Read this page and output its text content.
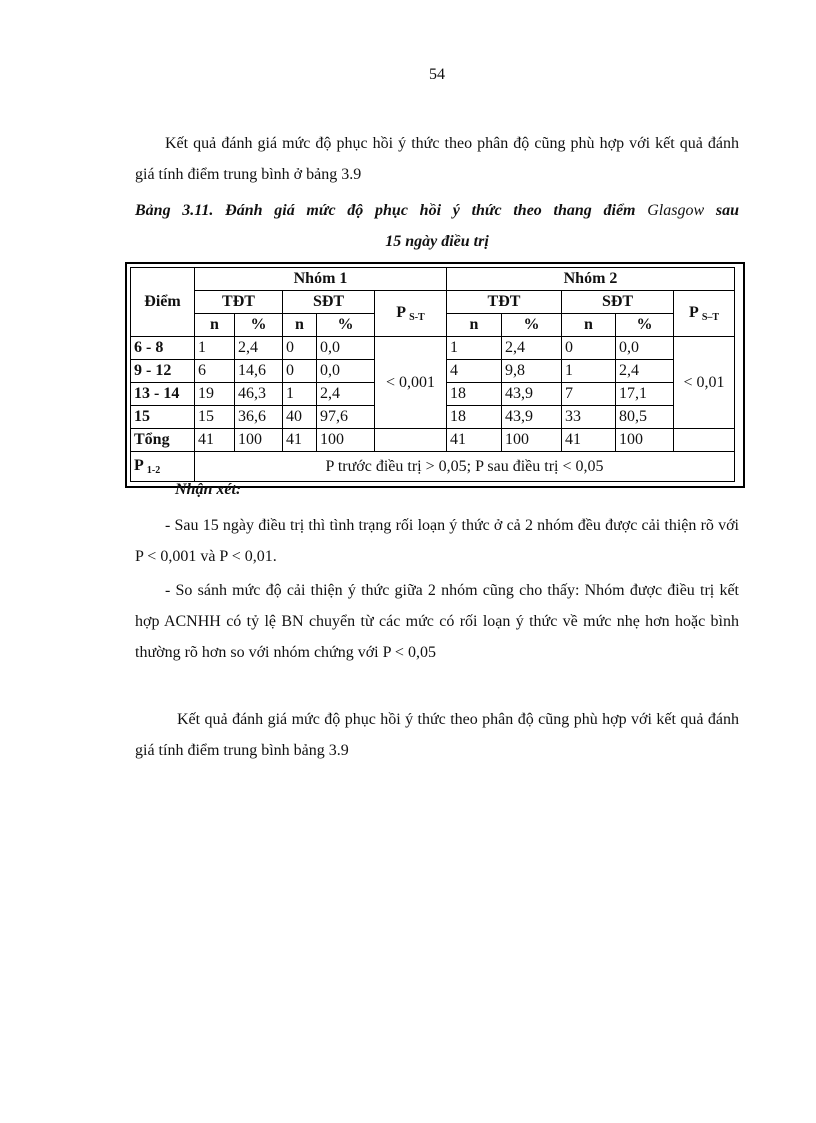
54

Kết quả đánh giá mức độ phục hồi ý thức theo phân độ cũng phù hợp với kết quả đánh giá tính điểm trung bình ở bảng 3.9

Bảng 3.11. Đánh giá mức độ phục hồi ý thức theo thang điểm Glasgow sau
15 ngày điều trị
Điểm	Nhóm 1					Nhóm 2				
	TĐT		SĐT		P $_{S-T}$	TĐT		SĐT		P $_{S-T}$
	n	%	n	%		n	%	n	%	
6 - 8	1	2,4	0	0,0	< 0,001	1	2,4	0	0,0	< 0,01
9 - 12	6	14,6	0	0,0		4	9,8	1	2,4	
13 - 14	19	46,3	1	2,4		18	43,9	7	17,1	
15	15	36,6	40	97,6		18	43,9	33	80,5	
Tổng	41	100	41	100		41	100	41	100	
P $_{1-2}$	P trước điều trị > 0,05; P sau điều trị < 0,05									
Nhận xét:

- Sau 15 ngày điều trị thì tình trạng rối loạn ý thức ở cả 2 nhóm đều được cải thiện rõ với P < 0,001 và P < 0,01.

- So sánh mức độ cải thiện ý thức giữa 2 nhóm cũng cho thấy: Nhóm được điều trị kết hợp ACNHH có tỷ lệ BN chuyển từ các mức có rối loạn ý thức về mức nhẹ hơn hoặc bình thường rõ hơn so với nhóm chứng với P < 0,05

Kết quả đánh giá mức độ phục hồi ý thức theo phân độ cũng phù hợp với kết quả đánh giá tính điểm trung bình bảng 3.9
